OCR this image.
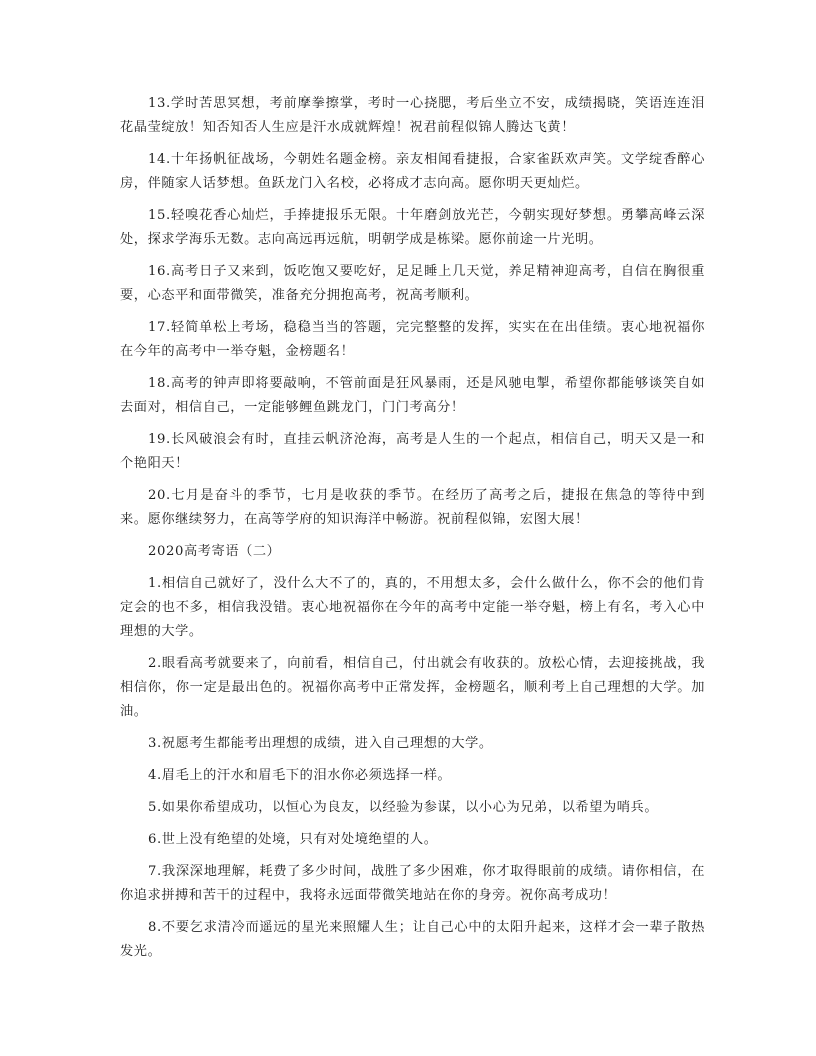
13.学时苦思冥想，考前摩拳擦掌，考时一心挠腮，考后坐立不安，成绩揭晓，笑语连连泪花晶莹绽放！知否知否人生应是汗水成就辉煌！祝君前程似锦人腾达飞黄！

14.十年扬帆征战场，今朝姓名题金榜。亲友相闻看捷报，合家雀跃欢声笑。文学绽香醉心房，伴随家人话梦想。鱼跃龙门入名校，必将成才志向高。愿你明天更灿烂。

15.轻嗅花香心灿烂，手捧捷报乐无限。十年磨剑放光芒，今朝实现好梦想。勇攀高峰云深处，探求学海乐无数。志向高远再远航，明朝学成是栋梁。愿你前途一片光明。

16.高考日子又来到，饭吃饱又要吃好，足足睡上几天觉，养足精神迎高考，自信在胸很重要，心态平和面带微笑，准备充分拥抱高考，祝高考顺利。

17.轻简单松上考场，稳稳当当的答题，完完整整的发挥，实实在在出佳绩。衷心地祝福你在今年的高考中一举夺魁，金榜题名！

18.高考的钟声即将要敲响，不管前面是狂风暴雨，还是风驰电掣，希望你都能够谈笑自如去面对，相信自己，一定能够鲤鱼跳龙门，门门考高分！

19.长风破浪会有时，直挂云帆济沧海，高考是人生的一个起点，相信自己，明天又是一和个艳阳天！

20.七月是奋斗的季节，七月是收获的季节。在经历了高考之后，捷报在焦急的等待中到来。愿你继续努力，在高等学府的知识海洋中畅游。祝前程似锦，宏图大展！

2020高考寄语（二）

1.相信自己就好了，没什么大不了的，真的，不用想太多，会什么做什么，你不会的他们肯定会的也不多，相信我没错。衷心地祝福你在今年的高考中定能一举夺魁，榜上有名，考入心中理想的大学。

2.眼看高考就要来了，向前看，相信自己，付出就会有收获的。放松心情，去迎接挑战，我相信你，你一定是最出色的。祝福你高考中正常发挥，金榜题名，顺利考上自己理想的大学。加油。

3.祝愿考生都能考出理想的成绩，进入自己理想的大学。

4.眉毛上的汗水和眉毛下的泪水你必须选择一样。

5.如果你希望成功，以恒心为良友，以经验为参谋，以小心为兄弟，以希望为哨兵。

6.世上没有绝望的处境，只有对处境绝望的人。

7.我深深地理解，耗费了多少时间，战胜了多少困难，你才取得眼前的成绩。请你相信，在你追求拼搏和苦干的过程中，我将永远面带微笑地站在你的身旁。祝你高考成功！

8.不要乞求清冷而遥远的星光来照耀人生；让自己心中的太阳升起来，这样才会一辈子散热发光。
